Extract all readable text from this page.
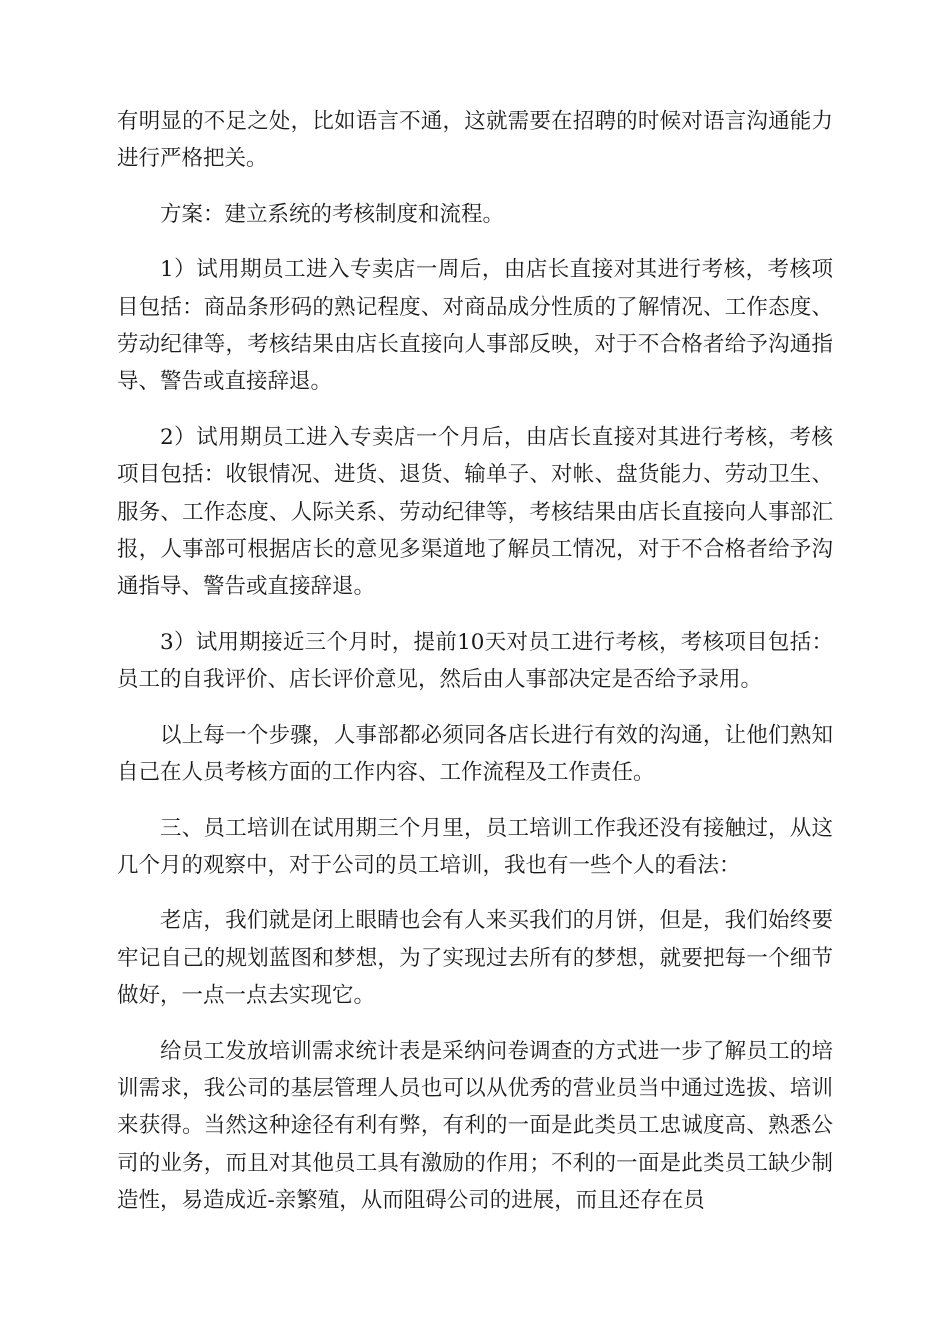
有明显的不足之处，比如语言不通，这就需要在招聘的时候对语言沟通能力进行严格把关。

方案：建立系统的考核制度和流程。

1）试用期员工进入专卖店一周后，由店长直接对其进行考核，考核项目包括：商品条形码的熟记程度、对商品成分性质的了解情况、工作态度、劳动纪律等，考核结果由店长直接向人事部反映，对于不合格者给予沟通指导、警告或直接辞退。

2）试用期员工进入专卖店一个月后，由店长直接对其进行考核，考核项目包括：收银情况、进货、退货、输单子、对帐、盘货能力、劳动卫生、服务、工作态度、人际关系、劳动纪律等，考核结果由店长直接向人事部汇报，人事部可根据店长的意见多渠道地了解员工情况，对于不合格者给予沟通指导、警告或直接辞退。

3）试用期接近三个月时，提前10天对员工进行考核，考核项目包括：员工的自我评价、店长评价意见，然后由人事部决定是否给予录用。

以上每一个步骤，人事部都必须同各店长进行有效的沟通，让他们熟知自己在人员考核方面的工作内容、工作流程及工作责任。

三、员工培训在试用期三个月里，员工培训工作我还没有接触过，从这几个月的观察中，对于公司的员工培训，我也有一些个人的看法：

老店，我们就是闭上眼睛也会有人来买我们的月饼，但是，我们始终要牢记自己的规划蓝图和梦想，为了实现过去所有的梦想，就要把每一个细节做好，一点一点去实现它。

给员工发放培训需求统计表是采纳问卷调查的方式进一步了解员工的培训需求，我公司的基层管理人员也可以从优秀的营业员当中通过选拔、培训来获得。当然这种途径有利有弊，有利的一面是此类员工忠诚度高、熟悉公司的业务，而且对其他员工具有激励的作用；不利的一面是此类员工缺少制造性，易造成近-亲繁殖，从而阻碍公司的进展，而且还存在员
